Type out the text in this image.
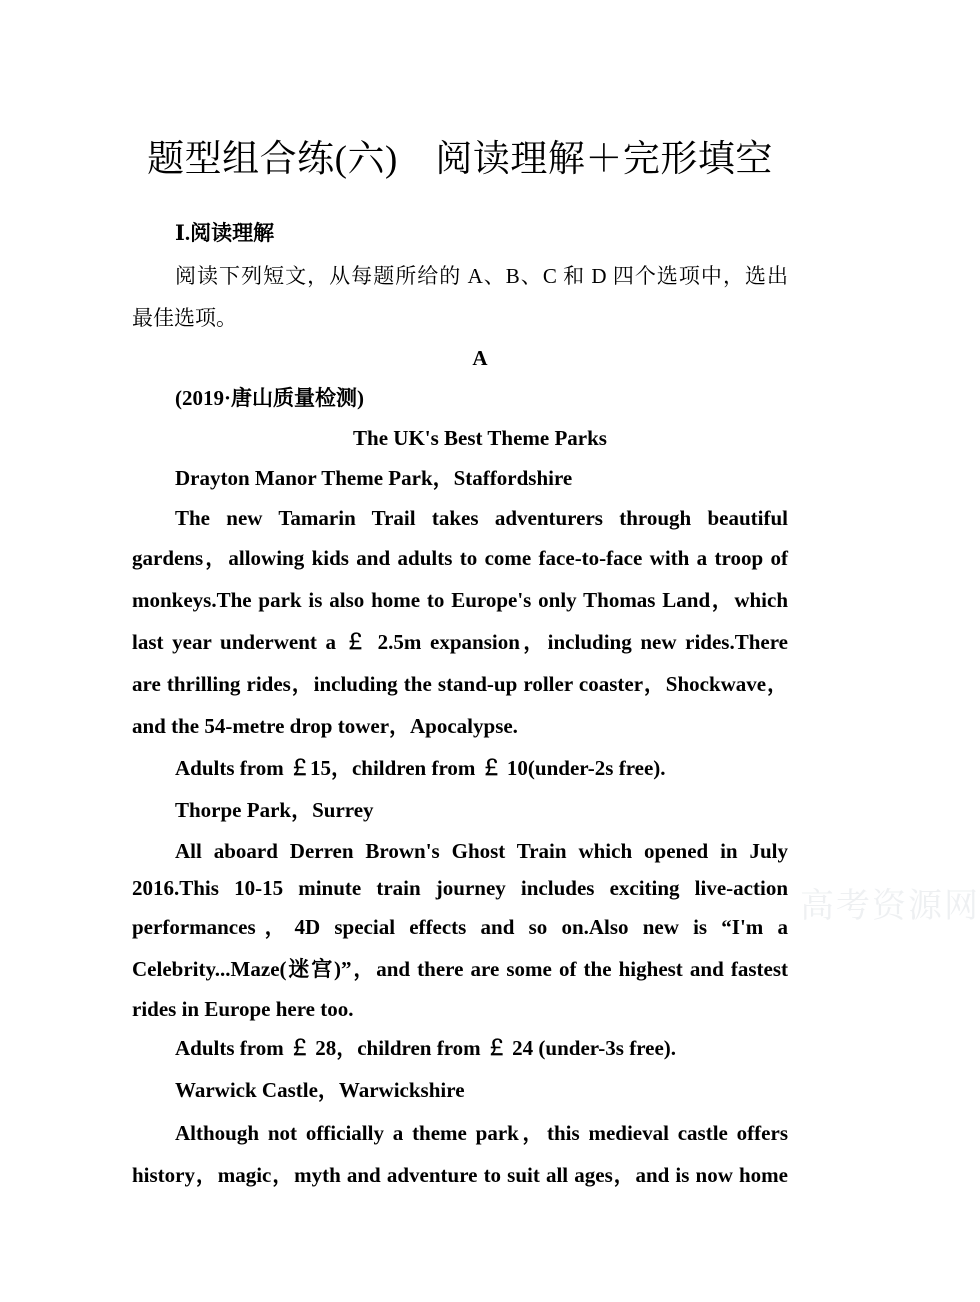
题型组合练(六)　阅读理解＋完形填空
Ⅰ.阅读理解
阅读下列短文，从每题所给的 A、B、C 和 D 四个选项中，选出
最佳选项。
A
(2019·唐山质量检测)
The UK's Best Theme Parks
Drayton Manor Theme Park，Staffordshire
The new Tamarin Trail takes adventurers through beautiful
gardens，allowing kids and adults to come face-to-face with a troop of
monkeys.The park is also home to Europe's only Thomas Land，which
last year underwent a ￡ 2.5m expansion，including new rides.There
are thrilling rides，including the stand-up roller coaster，Shockwave，
and the 54-metre drop tower，Apocalypse.
Adults from ￡15，children from ￡ 10(under-2s free).
Thorpe Park，Surrey
All aboard Derren Brown's Ghost Train which opened in July
2016.This 10-15 minute train journey includes exciting live-action
performances，4D special effects and so on.Also new is “I'm a
Celebrity...Maze(迷宫)”，and there are some of the highest and fastest
rides in Europe here too.
Adults from ￡ 28，children from ￡ 24 (under-3s free).
Warwick Castle，Warwickshire
Although not officially a theme park，this medieval castle offers
history，magic，myth and adventure to suit all ages，and is now home
高考资源网
